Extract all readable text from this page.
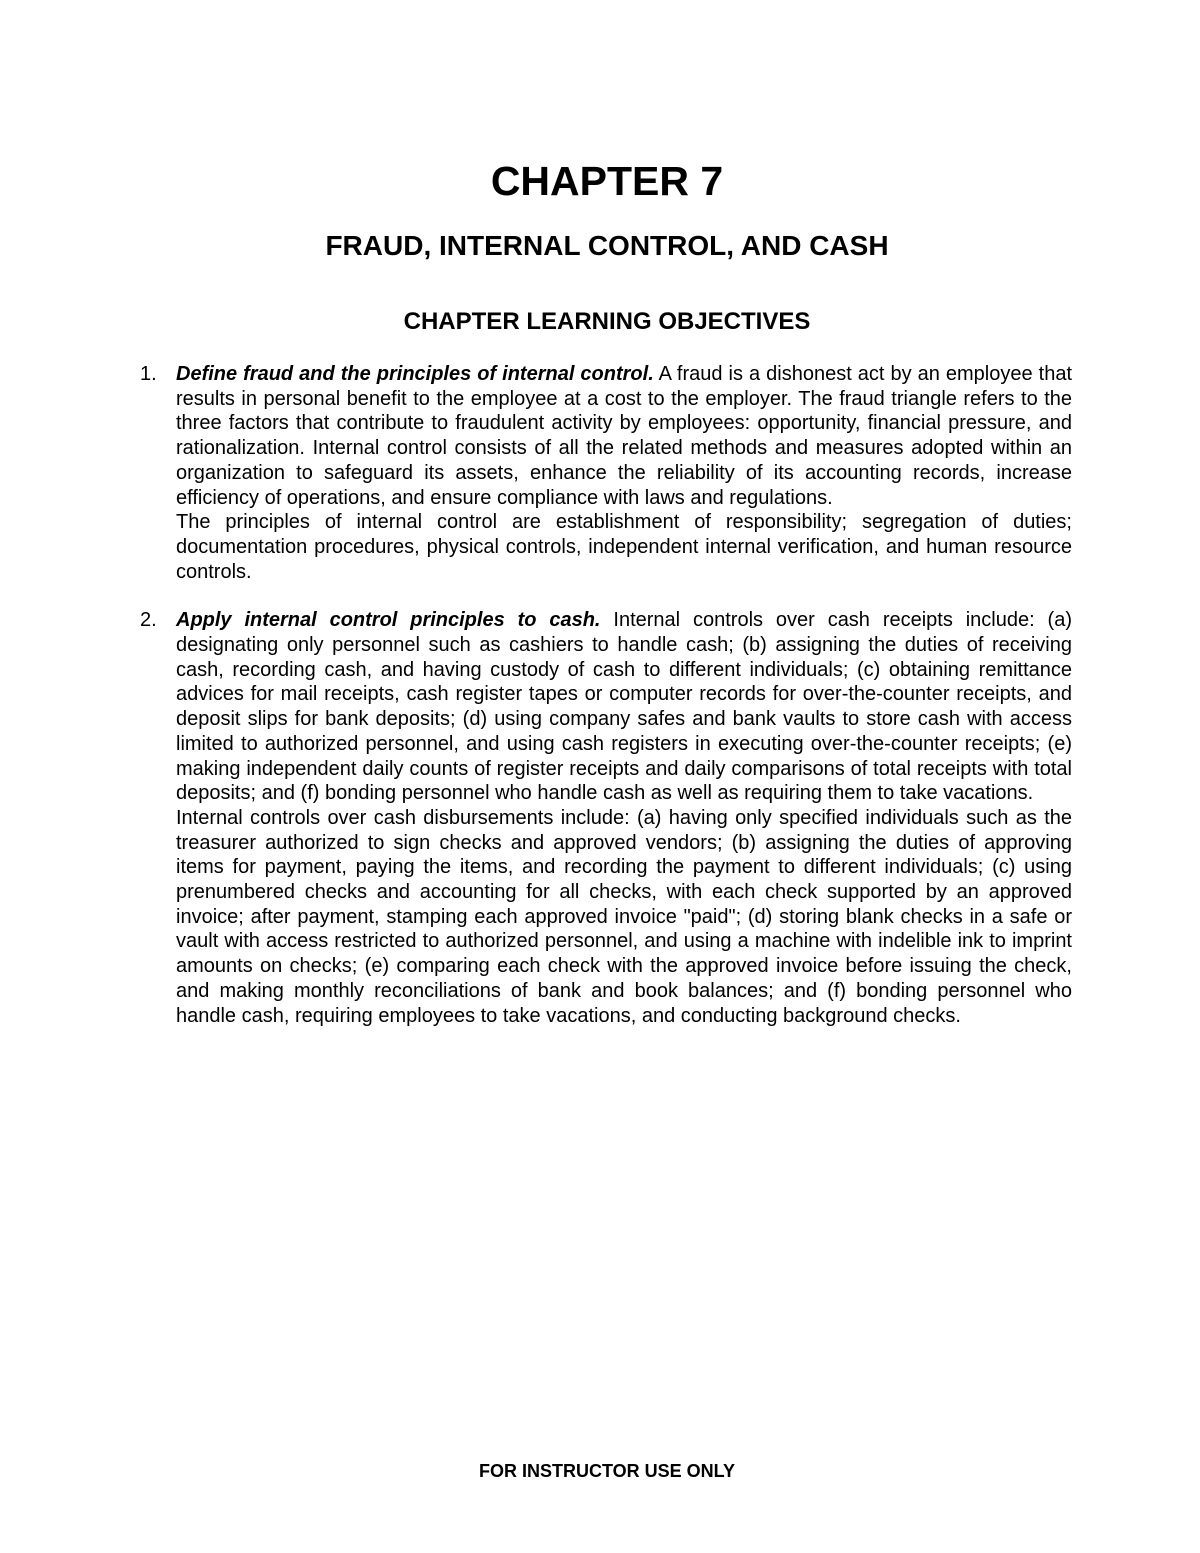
CHAPTER 7
FRAUD, INTERNAL CONTROL, AND CASH
CHAPTER LEARNING OBJECTIVES
1. Define fraud and the principles of internal control. A fraud is a dishonest act by an employee that results in personal benefit to the employee at a cost to the employer. The fraud triangle refers to the three factors that contribute to fraudulent activity by employees: opportunity, financial pressure, and rationalization. Internal control consists of all the related methods and measures adopted within an organization to safeguard its assets, enhance the reliability of its accounting records, increase efficiency of operations, and ensure compliance with laws and regulations.

The principles of internal control are establishment of responsibility; segregation of duties; documentation procedures, physical controls, independent internal verification, and human resource controls.

2. Apply internal control principles to cash. Internal controls over cash receipts include: (a) designating only personnel such as cashiers to handle cash; (b) assigning the duties of receiving cash, recording cash, and having custody of cash to different individuals; (c) obtaining remittance advices for mail receipts, cash register tapes or computer records for over-the-counter receipts, and deposit slips for bank deposits; (d) using company safes and bank vaults to store cash with access limited to authorized personnel, and using cash registers in executing over-the-counter receipts; (e) making independent daily counts of register receipts and daily comparisons of total receipts with total deposits; and (f) bonding personnel who handle cash as well as requiring them to take vacations.

Internal controls over cash disbursements include: (a) having only specified individuals such as the treasurer authorized to sign checks and approved vendors; (b) assigning the duties of approving items for payment, paying the items, and recording the payment to different individuals; (c) using prenumbered checks and accounting for all checks, with each check supported by an approved invoice; after payment, stamping each approved invoice "paid"; (d) storing blank checks in a safe or vault with access restricted to authorized personnel, and using a machine with indelible ink to imprint amounts on checks; (e) comparing each check with the approved invoice before issuing the check, and making monthly reconciliations of bank and book balances; and (f) bonding personnel who handle cash, requiring employees to take vacations, and conducting background checks.

FOR INSTRUCTOR USE ONLY
